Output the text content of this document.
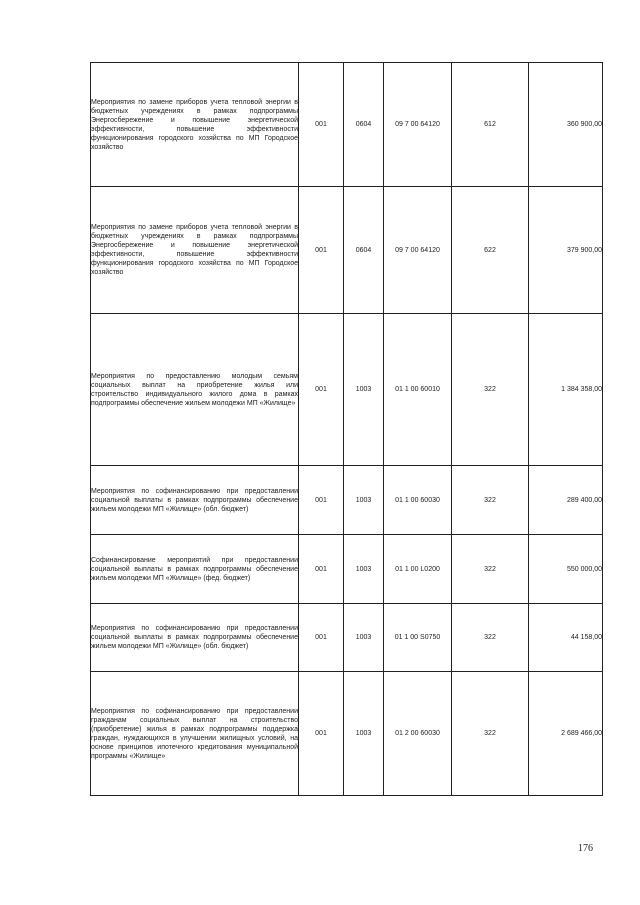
Мероприятия по замене приборов учета тепловой энергии в бюджетных учреждениях в рамках подпрограммы Энергосбережение и повышение энергетической эффективности, повышение эффективности функционирования городского хозяйства по МП Городское хозяйство	001	0604	09 7 00 64120	612	360 900,00
Мероприятия по замене приборов учета тепловой энергии в бюджетных учреждениях в рамках подпрограммы Энергосбережение и повышение энергетической эффективности, повышение эффективности функционирования городского хозяйства по МП Городское хозяйство	001	0604	09 7 00 64120	622	379 900,00
Мероприятия по предоставлению молодым семьям социальных выплат на приобретение жилья или строительство индивидуального жилого дома в рамках подпрограммы обеспечение жильем молодежи МП «Жилище»	001	1003	01 1 00 60010	322	1 384 358,00
Мероприятия по софинансированию при предоставлении социальной выплаты в рамках подпрограммы обеспечение жильем молодежи МП «Жилище» (обл. бюджет)	001	1003	01 1 00 60030	322	289 400,00
Софинансирование мероприятий при предоставлении социальной выплаты в рамках подпрограммы обеспечение жильем молодежи МП «Жилище» (фед. бюджет)	001	1003	01 1 00 L0200	322	550 000,00
Мероприятия по софинансированию при предоставлении социальной выплаты в рамках подпрограммы обеспечение жильем молодежи МП «Жилище» (обл. бюджет)	001	1003	01 1 00 S0750	322	44 158,00
Мероприятия по софинансированию при предоставлении гражданам социальных выплат на строительство (приобретение) жилья в рамках подпрограммы поддержка граждан, нуждающихся в улучшении жилищных условий, на основе принципов ипотечного кредитования муниципальной программы «Жилище»	001	1003	01 2 00 60030	322	2 689 466,00
176
